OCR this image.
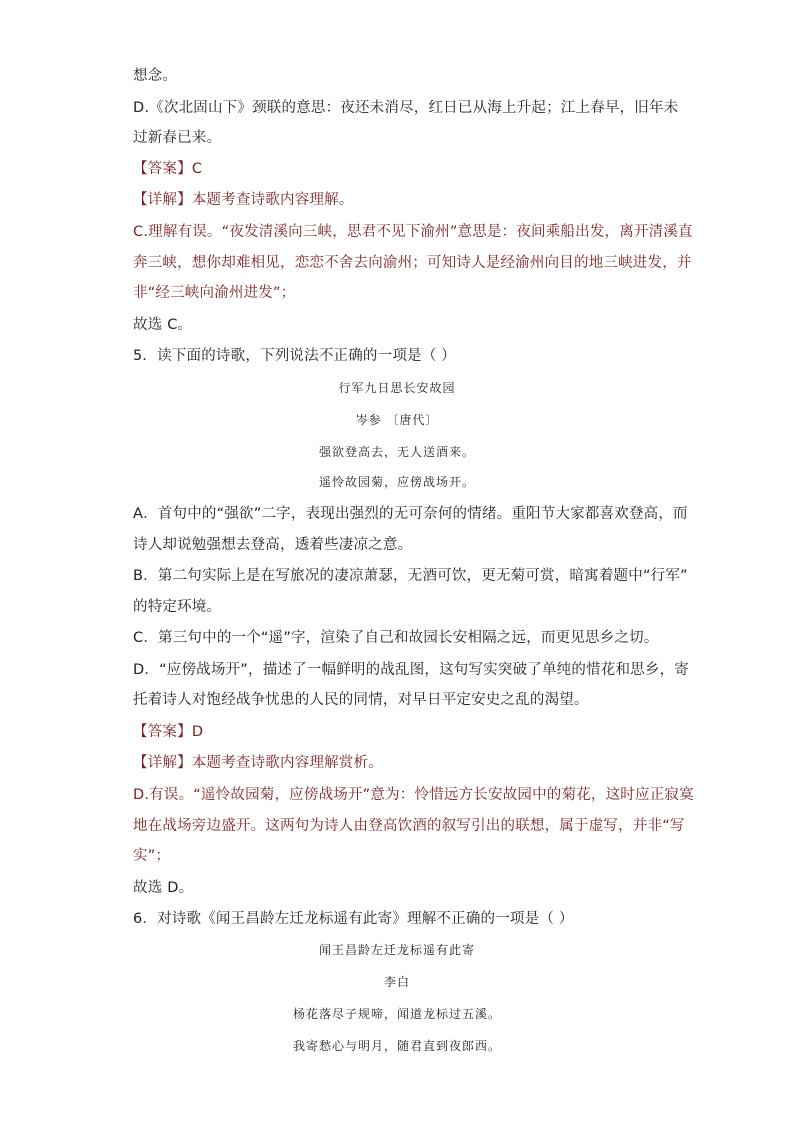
想念。
D.《次北固山下》颈联的意思：夜还未消尽，红日已从海上升起；江上春早，旧年未
过新春已来。
【答案】C
【详解】本题考查诗歌内容理解。
C.理解有误。“夜发清溪向三峡，思君不见下渝州”意思是：夜间乘船出发，离开清溪直
奔三峡，想你却难相见，恋恋不舍去向渝州；可知诗人是经渝州向目的地三峡进发，并
非“经三峡向渝州进发”；
故选 C。
5．读下面的诗歌，下列说法不正确的一项是（ ）
行军九日思长安故园
岑参 〔唐代〕
强欲登高去，无人送酒来。
遥怜故园菊，应傍战场开。
A．首句中的“强欲”二字，表现出强烈的无可奈何的情绪。重阳节大家都喜欢登高，而
诗人却说勉强想去登高，透着些凄凉之意。
B．第二句实际上是在写旅况的凄凉萧瑟，无酒可饮，更无菊可赏，暗寓着题中“行军”
的特定环境。
C．第三句中的一个“遥”字，渲染了自己和故园长安相隔之远，而更见思乡之切。
D．“应傍战场开”，描述了一幅鲜明的战乱图，这句写实突破了单纯的惜花和思乡，寄
托着诗人对饱经战争忧患的人民的同情，对早日平定安史之乱的渴望。
【答案】D
【详解】本题考查诗歌内容理解赏析。
D.有误。“遥怜故园菊，应傍战场开”意为：怜惜远方长安故园中的菊花，这时应正寂寞
地在战场旁边盛开。这两句为诗人由登高饮酒的叙写引出的联想，属于虚写，并非“写
实”；
故选 D。
6．对诗歌《闻王昌龄左迁龙标遥有此寄》理解不正确的一项是（ ）
闻王昌龄左迁龙标遥有此寄
李白
杨花落尽子规啼，闻道龙标过五溪。
我寄愁心与明月，随君直到夜郎西。
